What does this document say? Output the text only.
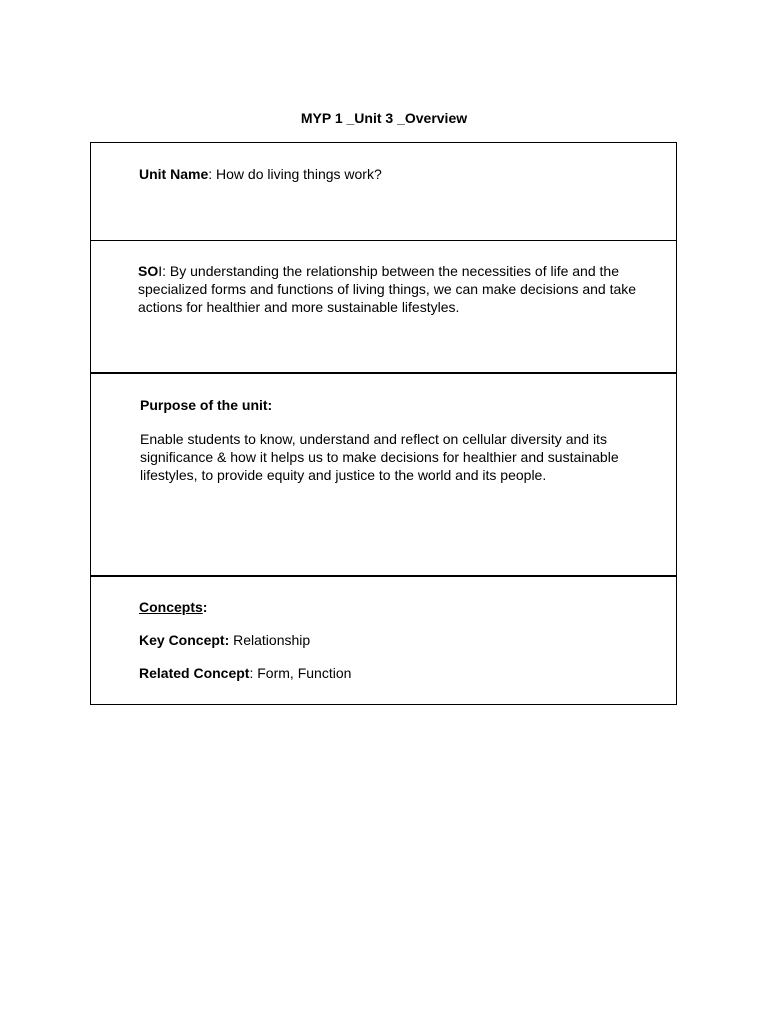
MYP 1 _Unit 3 _Overview

Unit Name: How do living things work?

SOI: By understanding the relationship between the necessities of life and the specialized forms and functions of living things, we can make decisions and take actions for healthier and more sustainable lifestyles.

Purpose of the unit:

Enable students to know, understand and reflect on cellular diversity and its significance & how it helps us to make decisions for healthier and sustainable lifestyles, to provide equity and justice to the world and its people.

Concepts:

Key Concept: Relationship

Related Concept: Form, Function
